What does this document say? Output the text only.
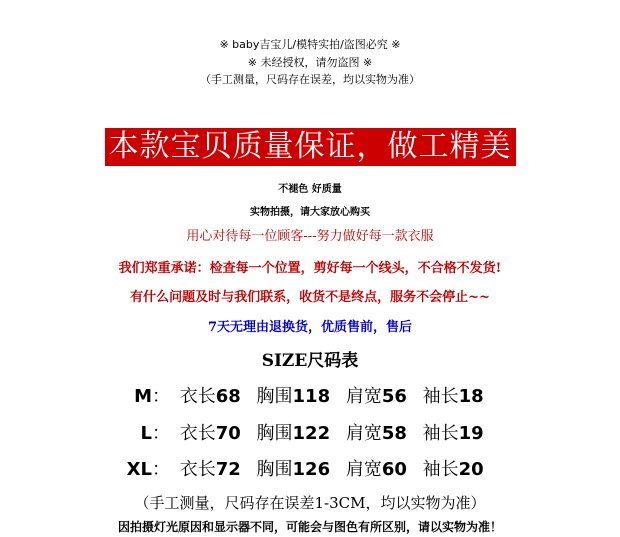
※ baby吉宝儿/模特实拍/盗图必究 ※
※ 未经授权，请勿盗图 ※
（手工测量，尺码存在误差，均以实物为准）
本款宝贝质量保证，做工精美
不褪色 好质量
实物拍摄，请大家放心购买
用心对待每一位顾客---努力做好每一款衣服
我们郑重承诺：检查每一个位置，剪好每一个线头，不合格不发货!
有什么问题及时与我们联系，收货不是终点，服务不会停止~~
7天无理由退换货，优质售前，售后
SIZE尺码表
M： 衣长68 胸围118 肩宽56 袖长18
L： 衣长70 胸围122 肩宽58 袖长19
XL： 衣长72 胸围126 肩宽60 袖长20
（手工测量，尺码存在误差1-3CM，均以实物为准）
因拍摄灯光原因和显示器不同，可能会与图色有所区别，请以实物为准！
